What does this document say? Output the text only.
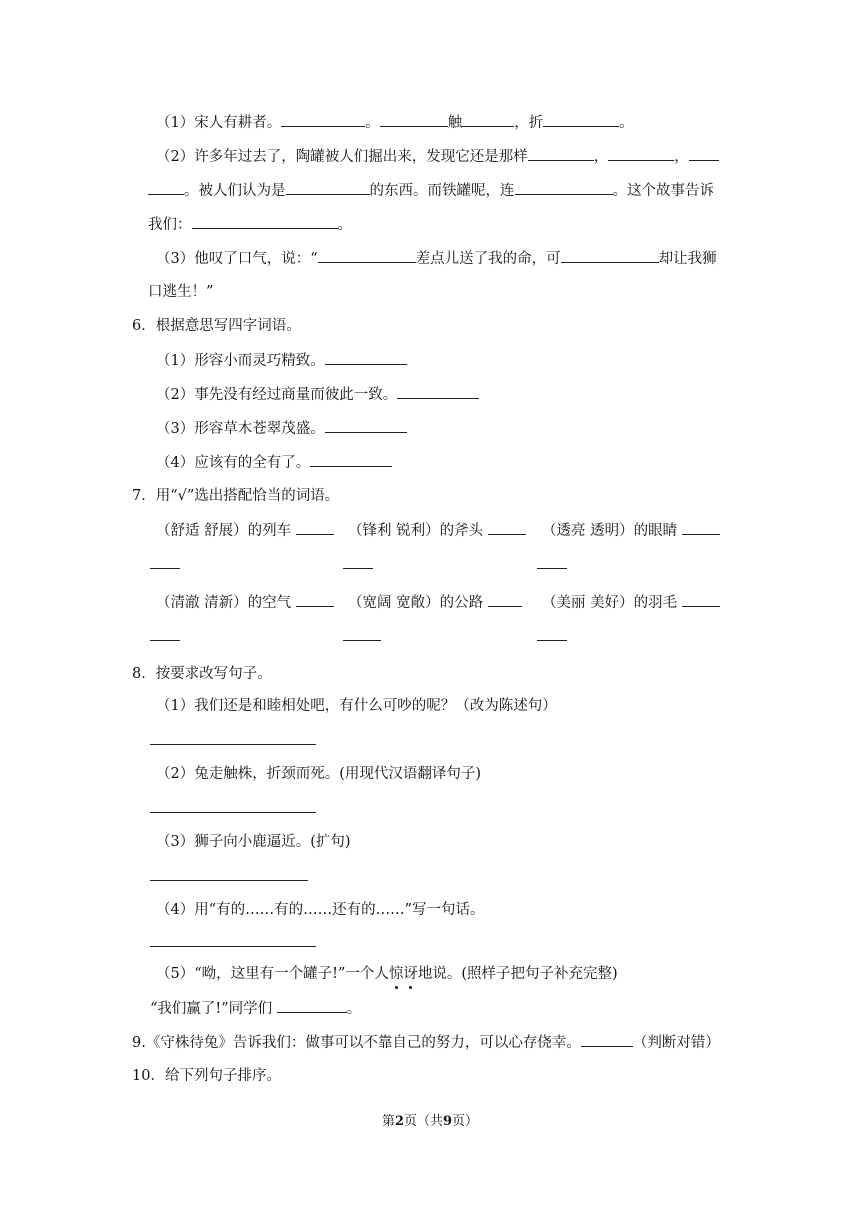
（1）宋人有耕者。	。	触	，折	。
（2）许多年过去了，陶罐被人们掘出来，发现它还是那样	，	，
。被人们认为是	的东西。而铁罐呢，连	。这个故事告诉
我们：	。
（3）他叹了口气，说：“	差点儿送了我的命，可	却让我狮
口逃生！”
6．根据意思写四字词语。
（1）形容小而灵巧精致。
（2）事先没有经过商量而彼此一致。
（3）形容草木苍翠茂盛。
（4）应该有的全有了。
7．用“√”选出搭配恰当的词语。
（舒适 舒展）的列车	（锋利 锐利）的斧头	（透亮 透明）的眼睛
（清澈 清新）的空气	（宽阔 宽敞）的公路	（美丽 美好）的羽毛
8．按要求改写句子。
（1）我们还是和睦相处吧，有什么可吵的呢？（改为陈述句）
（2）兔走触株，折颈而死。(用现代汉语翻译句子)
（3）狮子向小鹿逼近。(扩句)
（4）用“有的……有的……还有的……”写一句话。
（5）“呦，这里有一个罐子!”一个人惊讶地说。(照样子把句子补充完整)
“我们赢了!”同学们	。
9.《守株待兔》告诉我们：做事可以不靠自己的努力，可以心存侥幸。	（判断对错）
10．给下列句子排序。
第2页（共9页）
